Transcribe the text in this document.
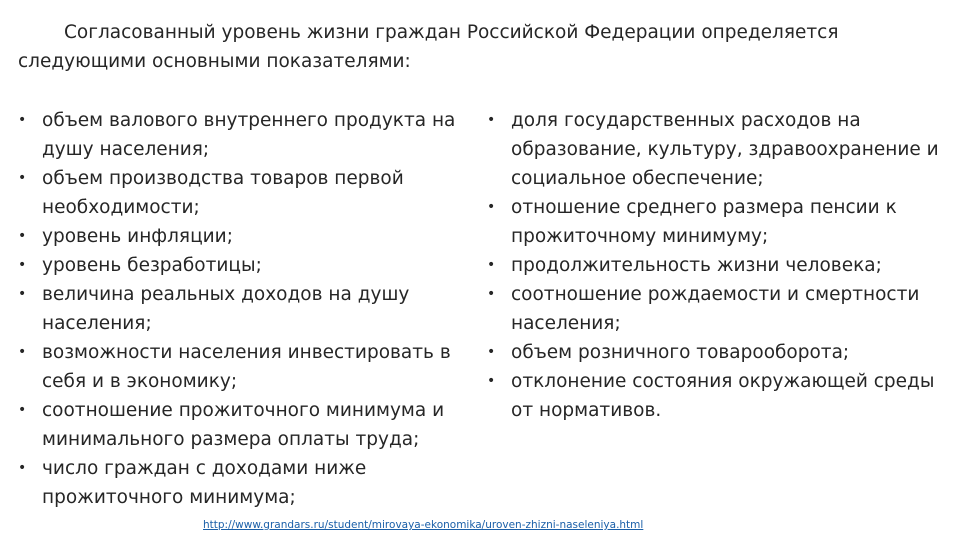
Согласованный уровень жизни граждан Российской Федерации определяется следующими основными показателями:

• объем валового внутреннего продукта на душу населения;
• объем производства товаров первой необходимости;
• уровень инфляции;
• уровень безработицы;
• величина реальных доходов на душу населения;
• возможности населения инвестировать в себя и в экономику;
• соотношение прожиточного минимума и минимального размера оплаты труда;
• число граждан с доходами ниже прожиточного минимума;
• доля государственных расходов на образование, культуру, здравоохранение и социальное обеспечение;
• отношение среднего размера пенсии к прожиточному минимуму;
• продолжительность жизни человека;
• соотношение рождаемости и смертности населения;
• объем розничного товарооборота;
• отклонение состояния окружающей среды от нормативов.
http://www.grandars.ru/student/mirovaya-ekonomika/uroven-zhizni-naseleniya.html
